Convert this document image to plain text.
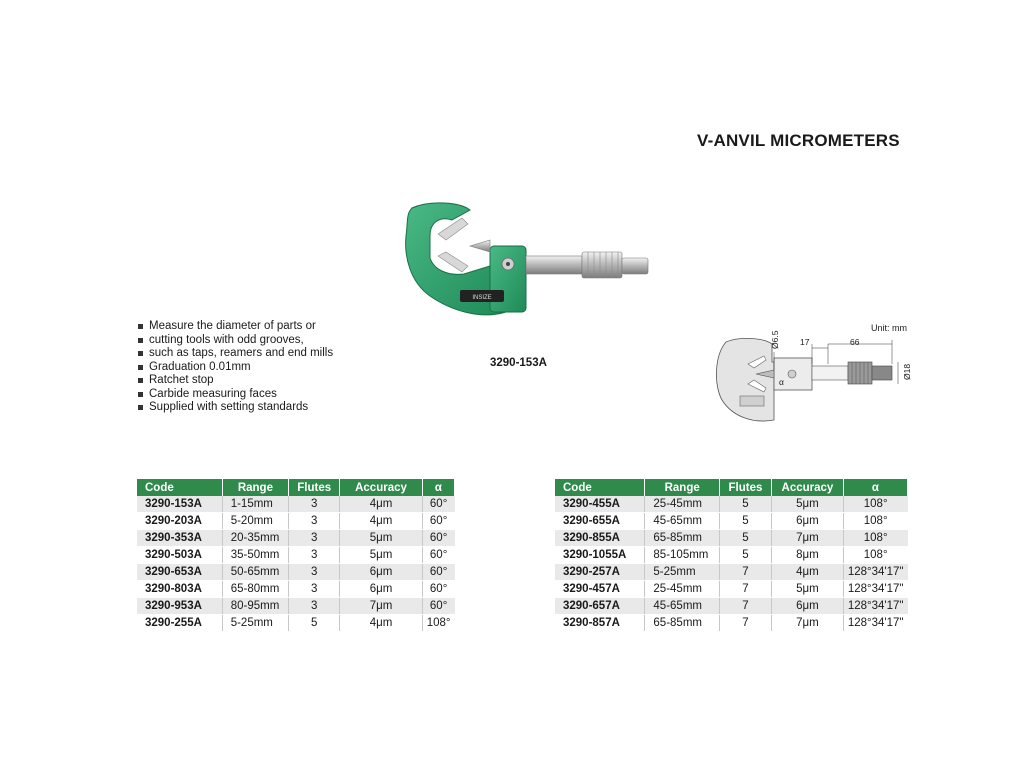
V-ANVIL MICROMETERS
INSIZE
3290-153A
Measure the diameter of parts or
cutting tools with odd grooves,
such as taps, reamers and end mills
Graduation 0.01mm
Ratchet stop
Carbide measuring faces
Supplied with setting standards
Unit: mm
Ø6.5 17	66
Ø18
α
Code	Range	Flutes	Accuracy	α
3290-153A	1-15mm	3	4μm	60°
3290-203A	5-20mm	3	4μm	60°
3290-353A	20-35mm	3	5μm	60°
3290-503A	35-50mm	3	5μm	60°
3290-653A	50-65mm	3	6μm	60°
3290-803A	65-80mm	3	6μm	60°
3290-953A	80-95mm	3	7μm	60°
3290-255A	5-25mm	5	4μm	108°
Code	Range	Flutes	Accuracy	α
3290-455A	25-45mm	5	5μm	108°
3290-655A	45-65mm	5	6μm	108°
3290-855A	65-85mm	5	7μm	108°
3290-1055A	85-105mm	5	8μm	108°
3290-257A	5-25mm	7	4μm	128°34'17"
3290-457A	25-45mm	7	5μm	128°34'17"
3290-657A	45-65mm	7	6μm	128°34'17"
3290-857A	65-85mm	7	7μm	128°34'17"
